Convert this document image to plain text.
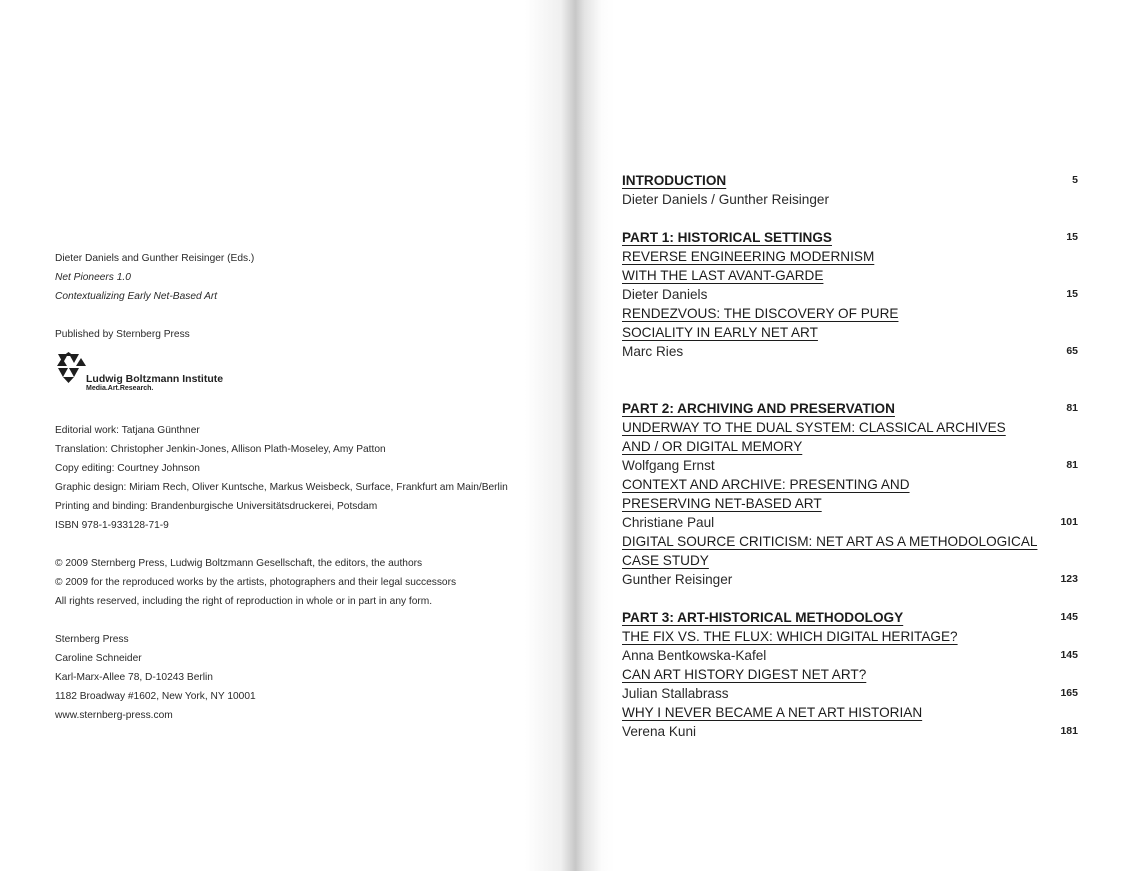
Dieter Daniels and Gunther Reisinger (Eds.)
Net Pioneers 1.0
Contextualizing Early Net-Based Art
Published by Sternberg Press
Ludwig Boltzmann Institute
Media.Art.Research.
Editorial work: Tatjana Günthner
Translation: Christopher Jenkin-Jones, Allison Plath-Moseley, Amy Patton
Copy editing: Courtney Johnson
Graphic design: Miriam Rech, Oliver Kuntsche, Markus Weisbeck, Surface, Frankfurt am Main/Berlin
Printing and binding: Brandenburgische Universitätsdruckerei, Potsdam
ISBN 978-1-933128-71-9
© 2009 Sternberg Press, Ludwig Boltzmann Gesellschaft, the editors, the authors
© 2009 for the reproduced works by the artists, photographers and their legal successors
All rights reserved, including the right of reproduction in whole or in part in any form.
Sternberg Press
Caroline Schneider
Karl-Marx-Allee 78, D-10243 Berlin
1182 Broadway #1602, New York, NY 10001
www.sternberg-press.com
INTRODUCTION	5
Dieter Daniels / Gunther Reisinger
PART 1: HISTORICAL SETTINGS	15
REVERSE ENGINEERING MODERNISM
WITH THE LAST AVANT-GARDE
Dieter Daniels	15
RENDEZVOUS: THE DISCOVERY OF PURE
SOCIALITY IN EARLY NET ART
Marc Ries	65
PART 2: ARCHIVING AND PRESERVATION	81
UNDERWAY TO THE DUAL SYSTEM: CLASSICAL ARCHIVES
AND / OR DIGITAL MEMORY
Wolfgang Ernst	81
CONTEXT AND ARCHIVE: PRESENTING AND
PRESERVING NET-BASED ART
Christiane Paul	101
DIGITAL SOURCE CRITICISM: NET ART AS A METHODOLOGICAL
CASE STUDY
Gunther Reisinger	123
PART 3: ART-HISTORICAL METHODOLOGY	145
THE FIX VS. THE FLUX: WHICH DIGITAL HERITAGE?
Anna Bentkowska-Kafel	145
CAN ART HISTORY DIGEST NET ART?
Julian Stallabrass	165
WHY I NEVER BECAME A NET ART HISTORIAN
Verena Kuni	181
